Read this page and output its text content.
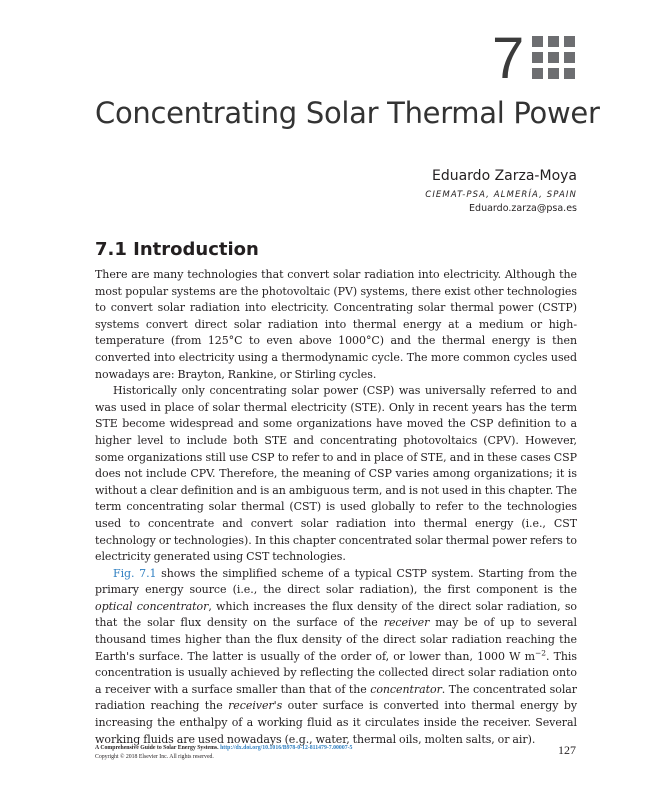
7
Concentrating Solar Thermal Power
Eduardo Zarza-Moya
CIEMAT-PSA, ALMERÍA, SPAIN
Eduardo.zarza@psa.es
7.1 Introduction

There are many technologies that convert solar radiation into electricity. Although the most popular systems are the photovoltaic (PV) systems, there exist other technologies to convert solar radiation into electricity. Concentrating solar thermal power (CSTP) systems convert direct solar radiation into thermal energy at a medium or high-temperature (from 125°C to even above 1000°C) and the thermal energy is then converted into electricity using a thermodynamic cycle. The more common cycles used nowadays are: Brayton, Rankine, or Stirling cycles.

Historically only concentrating solar power (CSP) was universally referred to and was used in place of solar thermal electricity (STE). Only in recent years has the term STE become widespread and some organizations have moved the CSP definition to a higher level to include both STE and concentrating photovoltaics (CPV). However, some organizations still use CSP to refer to and in place of STE, and in these cases CSP does not include CPV. Therefore, the meaning of CSP varies among organizations; it is without a clear definition and is an ambiguous term, and is not used in this chapter. The term concentrating solar thermal (CST) is used globally to refer to the technologies used to concentrate and convert solar radiation into thermal energy (i.e., CST technology or technologies). In this chapter concentrated solar thermal power refers to electricity generated using CST technologies.

Fig. 7.1 shows the simplified scheme of a typical CSTP system. Starting from the primary energy source (i.e., the direct solar radiation), the first component is the optical concentrator, which increases the flux density of the direct solar radiation, so that the solar flux density on the surface of the receiver may be of up to several thousand times higher than the flux density of the direct solar radiation reaching the Earth's surface. The latter is usually of the order of, or lower than, 1000 W $m^{-2}$. This concentration is usually achieved by reflecting the collected direct solar radiation onto a receiver with a surface smaller than that of the concentrator. The concentrated solar radiation reaching the receiver's outer surface is converted into thermal energy by increasing the enthalpy of a working fluid as it circulates inside the receiver. Several working fluids are used nowadays (e.g., water, thermal oils, molten salts, or air).

A Comprehensive Guide to Solar Energy Systems. http://dx.doi.org/10.1016/B978-0-12-811479-7.00007-5
Copyright © 2018 Elsevier Inc. All rights reserved.	127
